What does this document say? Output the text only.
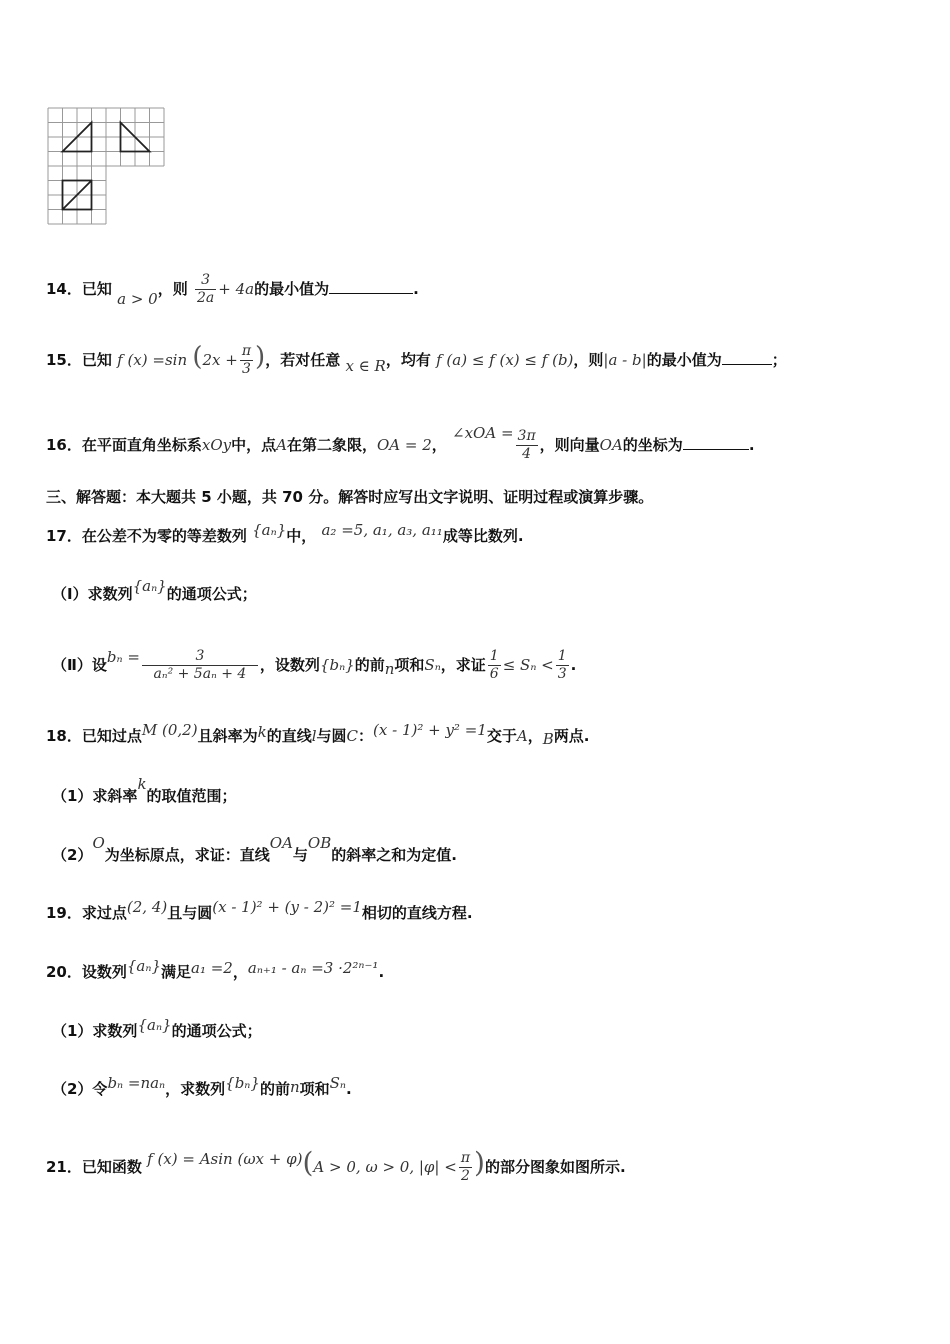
14．已知 a > 0，则 $\frac{3}{2a} + 4a$的最小值为	.
15．已知 f (x) =sin ($2x + \frac{\pi}{3}$ )，若对任意 x ∈ R，均有 f (a) ≤ f (x) ≤ f (b)，则|a - b|的最小值为	；
16．在平面直角坐标系xOy中，点A在第二象限，OA = 2， ∠xOA = $\frac{3\pi}{4}$ ，则向量OA的坐标为	.
三、解答题：本大题共 5 小题，共 70 分。解答时应写出文字说明、证明过程或演算步骤。
17．在公差不为零的等差数列 {aₙ}中， a₂ =5, a₁, a₃, a₁₁成等比数列.
（Ⅰ）求数列{aₙ}的通项公式；
（Ⅱ）设$b_n = \frac{3}{\text{aₙ² + 5aₙ + 4}}$ ，设数列{bₙ}的前n项和Sₙ，求证 $\frac{1}{6} \le S_n < \frac{1}{3}$ .
18．已知过点M (0,2)且斜率为k的直线l与圆C：(x - 1)² + y² =1交于A，B两点.
（1）求斜率k的取值范围；
（2）O为坐标原点，求证：直线OA与OB的斜率之和为定值.
19．求过点(2, 4)且与圆(x - 1)² + (y - 2)² =1相切的直线方程.
20．设数列{aₙ}满足a₁ =2，aₙ₊₁ - aₙ =3 ·2²ⁿ⁻¹.
（1）求数列{aₙ}的通项公式；
（2）令bₙ =naₙ，求数列{bₙ}的前n项和Sₙ.
21．已知函数 f (x) = Asin (ωx + φ)(A > 0, ω > 0, $|\varphi| < \frac{\pi}{2}$ )的部分图象如图所示.
